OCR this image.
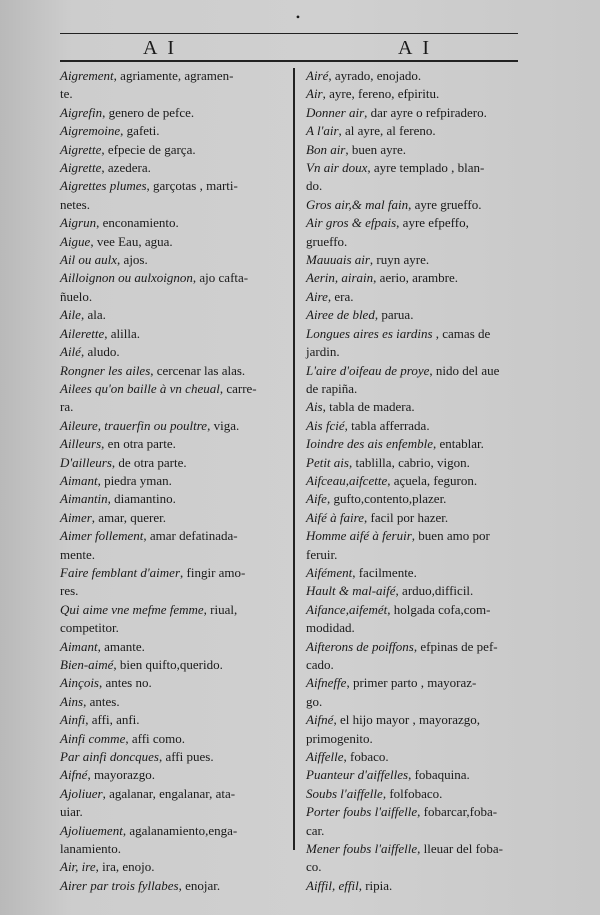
•
A I	A I
Aigrement, agriamente, agramen-
te.
Aigrefin, genero de pefce.
Aigremoine, gafeti.
Aigrette, efpecie de garça.
Aigrette, azedera.
Aigrettes plumes, garçotas , marti-
netes.
Aigrun, enconamiento.
Aigue, vee Eau, agua.
Ail ou aulx, ajos.
Ailloignon ou aulxoignon, ajo cafta-
ñuelo.
Aile, ala.
Ailerette, alilla.
Ailé, aludo.
Rongner les ailes, cercenar las alas.
Ailees qu'on baille à vn cheual, carre-
ra.
Aileure, trauerfin ou poultre, viga.
Ailleurs, en otra parte.
D'ailleurs, de otra parte.
Aimant, piedra yman.
Aimantin, diamantino.
Aimer, amar, querer.
Aimer follement, amar defatinada-
mente.
Faire femblant d'aimer, fingir amo-
res.
Qui aime vne mefme femme, riual,
competitor.
Aimant, amante.
Bien-aimé, bien quifto,querido.
Ainçois, antes no.
Ains, antes.
Ainfi, affi, anfi.
Ainfi comme, affi como.
Par ainfi doncques, affi pues.
Aifné, mayorazgo.
Ajoliuer, agalanar, engalanar, ata-
uiar.
Ajoliuement, agalanamiento,enga-
lanamiento.
Air, ire, ira, enojo.
Airer par trois fyllabes, enojar.
Airé, ayrado, enojado.
Air, ayre, fereno, efpiritu.
Donner air, dar ayre o refpiradero.
A l'air, al ayre, al fereno.
Bon air, buen ayre.
Vn air doux, ayre templado , blan-
do.
Gros air,& mal fain, ayre grueffo.
Air gros & efpais, ayre efpeffo,
grueffo.
Mauuais air, ruyn ayre.
Aerin, airain, aerio, arambre.
Aire, era.
Airee de bled, parua.
Longues aires es iardins , camas de
jardin.
L'aire d'oifeau de proye, nido del aue
de rapiña.
Ais, tabla de madera.
Ais fcié, tabla afferrada.
Ioindre des ais enfemble, entablar.
Petit ais, tablilla, cabrio, vigon.
Aifceau,aifcette, açuela, feguron.
Aife, gufto,contento,plazer.
Aifé à faire, facil por hazer.
Homme aifé à feruir, buen amo por
feruir.
Aifément, facilmente.
Hault & mal-aifé, arduo,difficil.
Aifance,aifemét, holgada cofa,com-
modidad.
Aifterons de poiffons, efpinas de pef-
cado.
Aifneffe, primer parto , mayoraz-
go.
Aifné, el hijo mayor , mayorazgo,
primogenito.
Aiffelle, fobaco.
Puanteur d'aiffelles, fobaquina.
Soubs l'aiffelle, folfobaco.
Porter foubs l'aiffelle, fobarcar,foba-
car.
Mener foubs l'aiffelle, lleuar del foba-
co.
Aiffil, effil, ripia.
